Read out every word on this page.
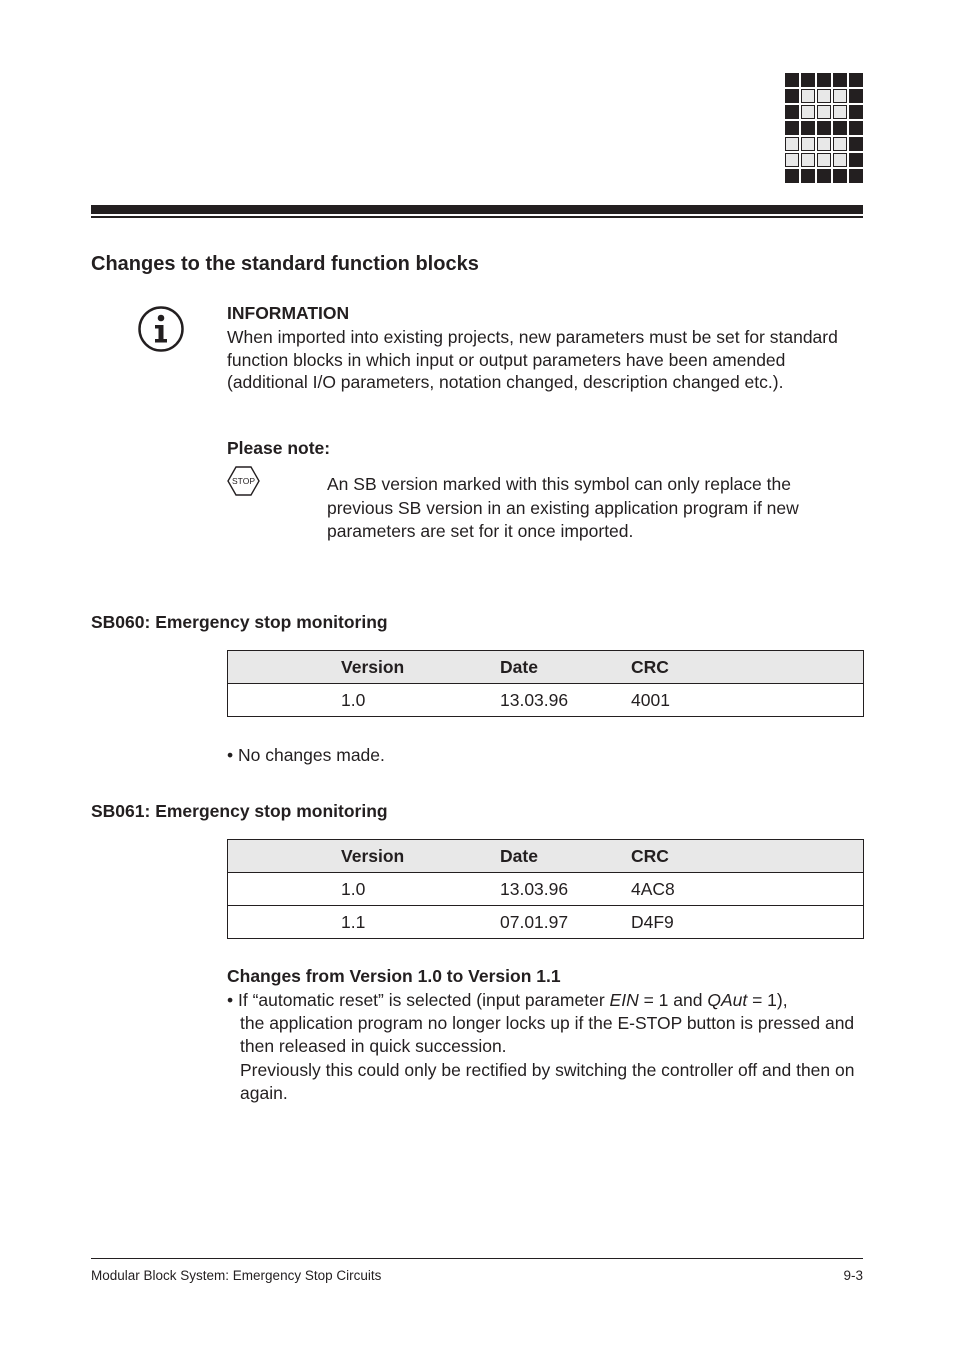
Changes to the standard function blocks
INFORMATION
When imported into existing projects, new parameters must be set for standard function blocks in which input or output parameters have been amended (additional I/O parameters, notation changed, description changed etc.).
Please note:
STOP	An SB version marked with this symbol can only replace the previous SB version in an existing application program if new parameters are set for it once imported.
SB060: Emergency stop monitoring
	Version	Date	CRC
	1.0	13.03.96	4001
• No changes made.
SB061: Emergency stop monitoring
	Version	Date	CRC
	1.0	13.03.96	4AC8
	1.1	07.01.97	D4F9
Changes from Version 1.0 to Version 1.1
• If “automatic reset” is selected (input parameter EIN = 1 and QAut = 1),
the application program no longer locks up if the E-STOP button is pressed and then released in quick succession.
Previously this could only be rectified by switching the controller off and then on again.
Modular Block System: Emergency Stop Circuits	9-3
